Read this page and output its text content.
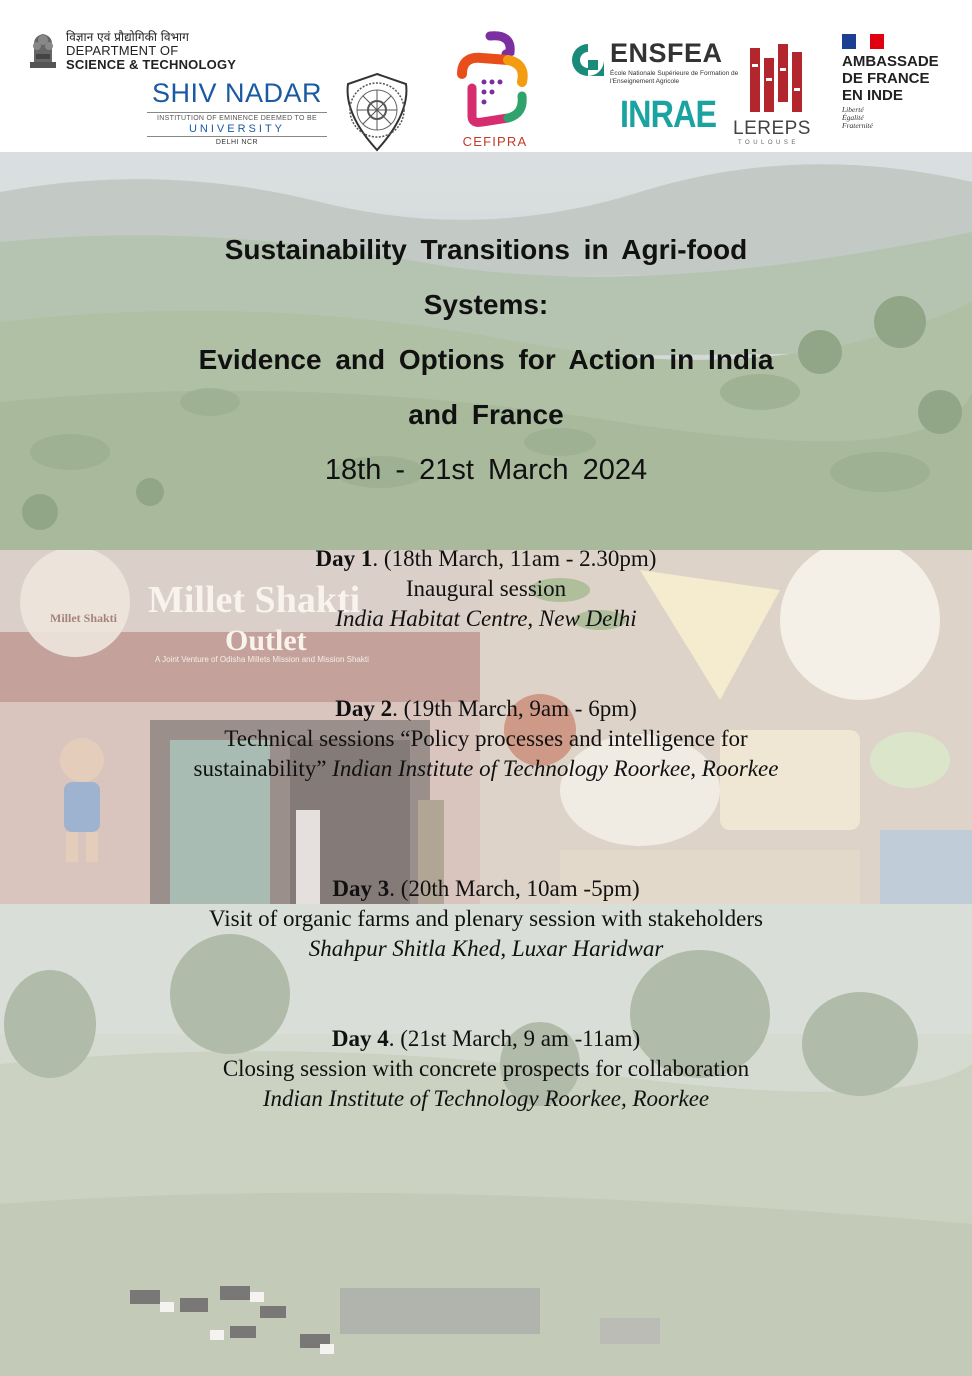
विज्ञान एवं प्रौद्योगिकी विभाग
DEPARTMENT OF
SCIENCE & TECHNOLOGY
SHIV NADAR
INSTITUTION OF EMINENCE DEEMED TO BE
UNIVERSITY
DELHI NCR	CEFIPRA
ENSFEA
École Nationale Supérieure de Formation de l'Enseignement Agricole
INRAE LEREPS
TOULOUSE
AMBASSADE
DE FRANCE
EN INDE
Liberté
Égalité
Fraternité
Millet Shakti
Outlet
A Joint Venture of Odisha Millets Mission and Mission Shakti
Millet Shakti
Sustainability Transitions in Agri-food
Systems:
Evidence and Options for Action in India
and France
18th - 21st March 2024
Day 1. (18th March, 11am - 2.30pm)
Inaugural session
India Habitat Centre, New Delhi
Day 2. (19th March, 9am - 6pm)
Technical sessions “Policy processes and intelligence for
sustainability” Indian Institute of Technology Roorkee, Roorkee
Day 3. (20th March, 10am -5pm)
Visit of organic farms and plenary session with stakeholders
Shahpur Shitla Khed, Luxar Haridwar
Day 4. (21st March, 9 am -11am)
Closing session with concrete prospects for collaboration
Indian Institute of Technology Roorkee, Roorkee
